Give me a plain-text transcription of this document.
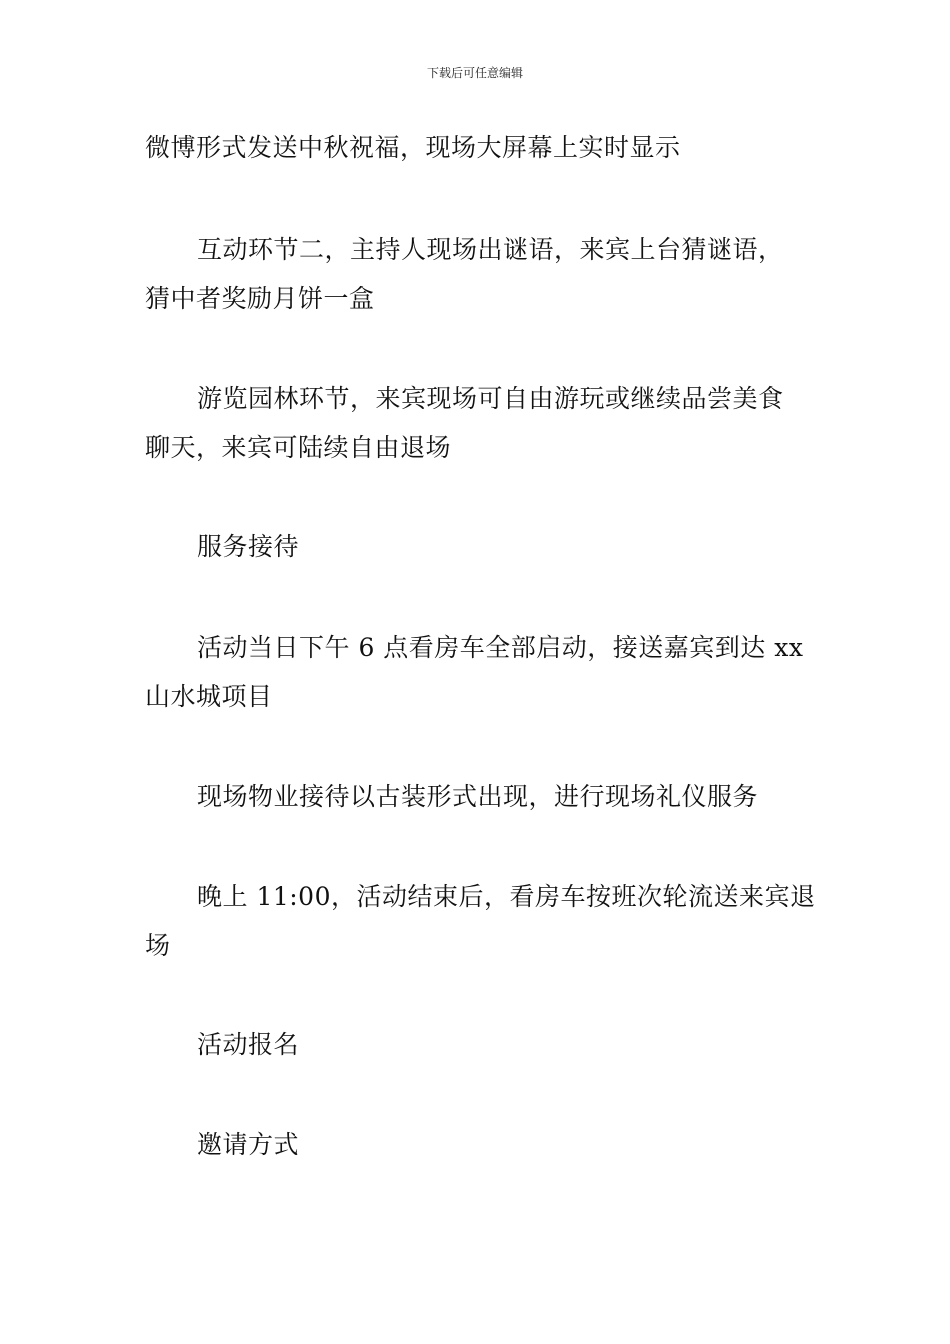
下载后可任意编辑
微博形式发送中秋祝福，现场大屏幕上实时显示
互动环节二，主持人现场出谜语，来宾上台猜谜语，
猜中者奖励月饼一盒
游览园林环节，来宾现场可自由游玩或继续品尝美食
聊天，来宾可陆续自由退场
服务接待
活动当日下午 6 点看房车全部启动，接送嘉宾到达 xx
山水城项目
现场物业接待以古装形式出现，进行现场礼仪服务
晚上 11:00，活动结束后，看房车按班次轮流送来宾退
场
活动报名
邀请方式
